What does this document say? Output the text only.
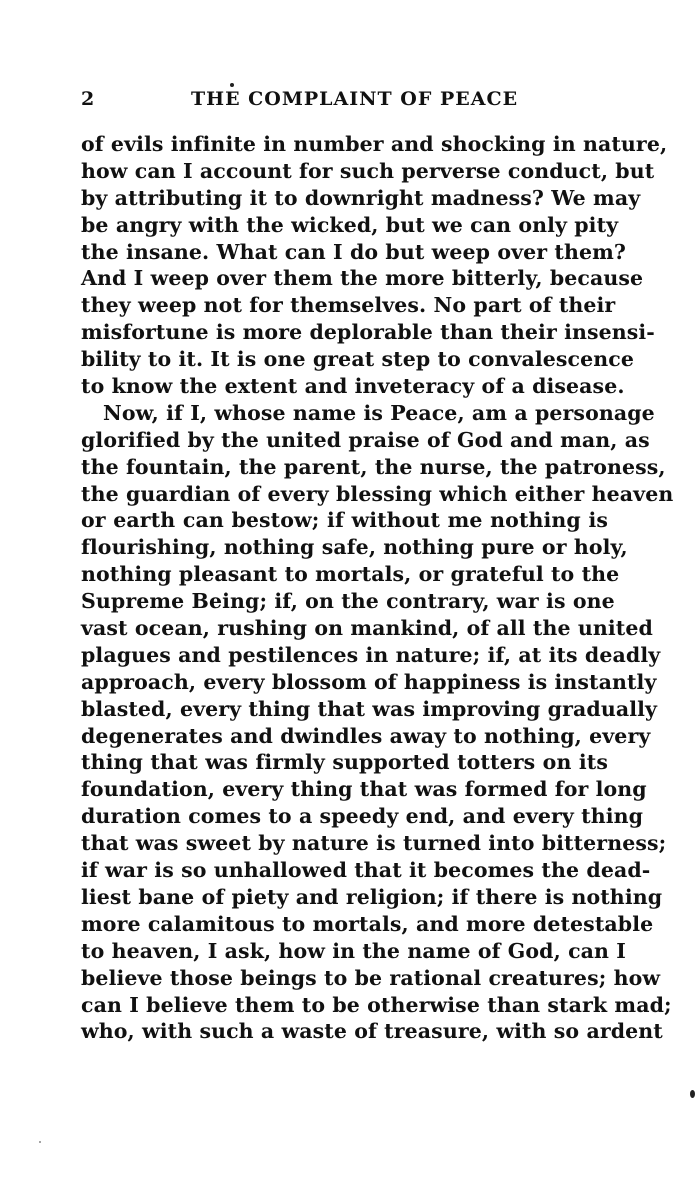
2	THE COMPLAINT OF PEACE
of evils infinite in number and shocking in nature,
how can I account for such perverse conduct, but
by attributing it to downright madness? We may
be angry with the wicked, but we can only pity
the insane. What can I do but weep over them?
And I weep over them the more bitterly, because
they weep not for themselves. No part of their
misfortune is more deplorable than their insensi-
bility to it. It is one great step to convalescence
to know the extent and inveteracy of a disease.
Now, if I, whose name is Peace, am a personage
glorified by the united praise of God and man, as
the fountain, the parent, the nurse, the patroness,
the guardian of every blessing which either heaven
or earth can bestow; if without me nothing is
flourishing, nothing safe, nothing pure or holy,
nothing pleasant to mortals, or grateful to the
Supreme Being; if, on the contrary, war is one
vast ocean, rushing on mankind, of all the united
plagues and pestilences in nature; if, at its deadly
approach, every blossom of happiness is instantly
blasted, every thing that was improving gradually
degenerates and dwindles away to nothing, every
thing that was firmly supported totters on its
foundation, every thing that was formed for long
duration comes to a speedy end, and every thing
that was sweet by nature is turned into bitterness;
if war is so unhallowed that it becomes the dead-
liest bane of piety and religion; if there is nothing
more calamitous to mortals, and more detestable
to heaven, I ask, how in the name of God, can I
believe those beings to be rational creatures; how
can I believe them to be otherwise than stark mad;
who, with such a waste of treasure, with so ardent
